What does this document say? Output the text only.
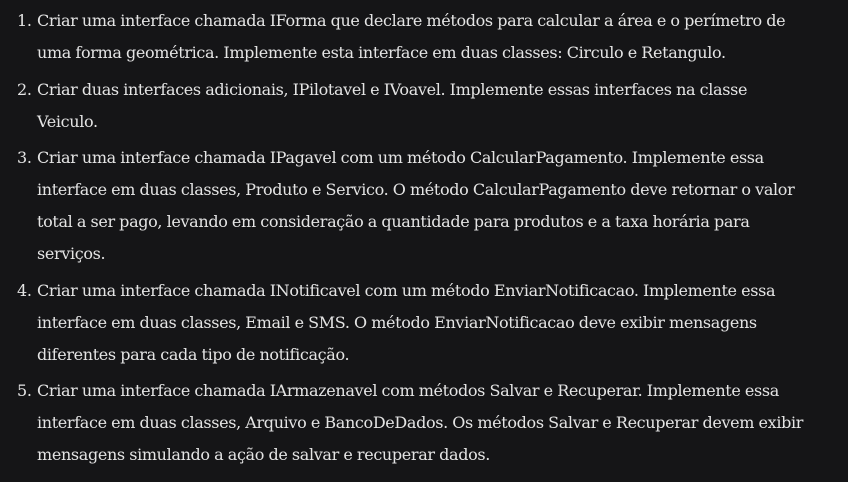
1. Criar uma interface chamada IForma que declare métodos para calcular a área e o perímetro de uma forma geométrica. Implemente esta interface em duas classes: Circulo e Retangulo.
2. Criar duas interfaces adicionais, IPilotavel e IVoavel. Implemente essas interfaces na classe Veiculo.
3. Criar uma interface chamada IPagavel com um método CalcularPagamento. Implemente essa interface em duas classes, Produto e Servico. O método CalcularPagamento deve retornar o valor total a ser pago, levando em consideração a quantidade para produtos e a taxa horária para serviços.
4. Criar uma interface chamada INotificavel com um método EnviarNotificacao. Implemente essa interface em duas classes, Email e SMS. O método EnviarNotificacao deve exibir mensagens diferentes para cada tipo de notificação.
5. Criar uma interface chamada IArmazenavel com métodos Salvar e Recuperar. Implemente essa interface em duas classes, Arquivo e BancoDeDados. Os métodos Salvar e Recuperar devem exibir mensagens simulando a ação de salvar e recuperar dados.
